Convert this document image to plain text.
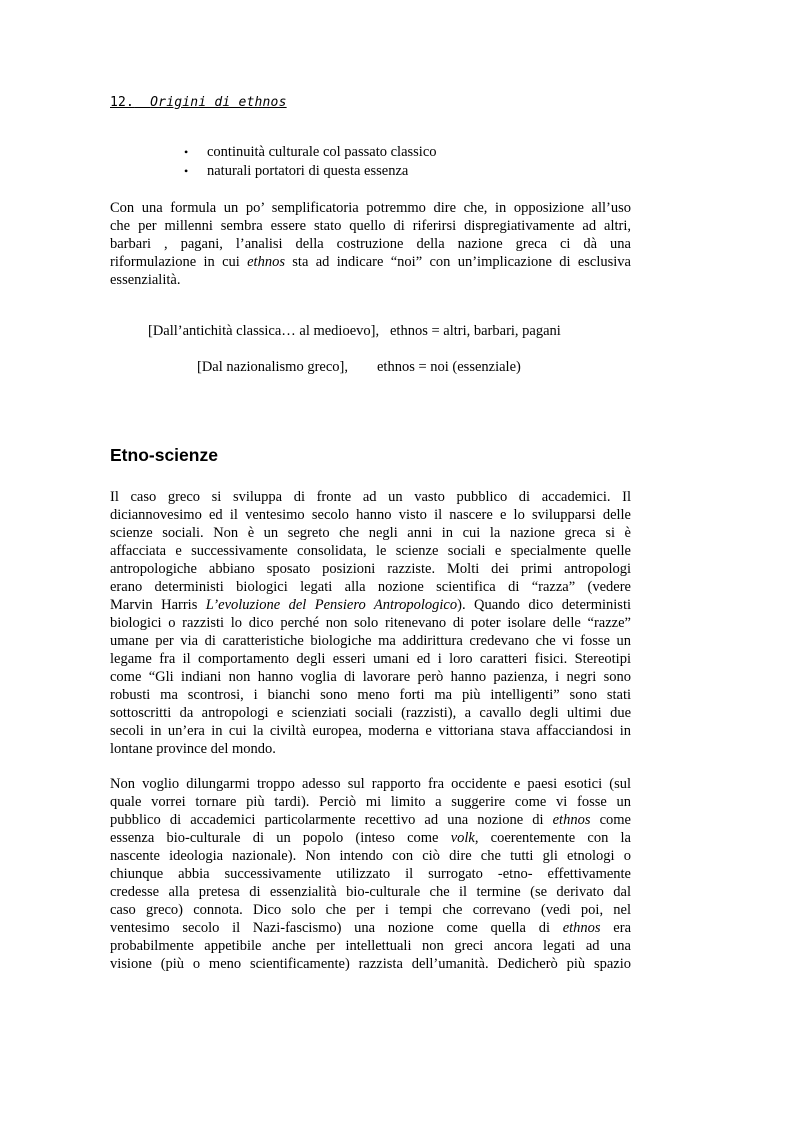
12. Origini di ethnos
• continuità culturale col passato classico
• naturali portatori di questa essenza
Con una formula un po’ semplificatoria potremmo dire che, in opposizione all’uso
che per millenni sembra essere stato quello di riferirsi dispregiativamente ad altri,
barbari , pagani, l’analisi della costruzione della nazione greca ci dà una
riformulazione in cui ethnos sta ad indicare “noi” con un’implicazione di esclusiva
essenzialità.
[Dall’antichità classica… al medioevo], ethnos = altri, barbari, pagani
[Dal nazionalismo greco], ethnos = noi (essenziale)
Etno-scienze
Il caso greco si sviluppa di fronte ad un vasto pubblico di accademici. Il
diciannovesimo ed il ventesimo secolo hanno visto il nascere e lo svilupparsi delle
scienze sociali. Non è un segreto che negli anni in cui la nazione greca si è
affacciata e successivamente consolidata, le scienze sociali e specialmente quelle
antropologiche abbiano sposato posizioni razziste. Molti dei primi antropologi
erano deterministi biologici legati alla nozione scientifica di “razza” (vedere
Marvin Harris L’evoluzione del Pensiero Antropologico). Quando dico deterministi
biologici o razzisti lo dico perché non solo ritenevano di poter isolare delle “razze”
umane per via di caratteristiche biologiche ma addirittura credevano che vi fosse un
legame fra il comportamento degli esseri umani ed i loro caratteri fisici. Stereotipi
come “Gli indiani non hanno voglia di lavorare però hanno pazienza, i negri sono
robusti ma scontrosi, i bianchi sono meno forti ma più intelligenti” sono stati
sottoscritti da antropologi e scienziati sociali (razzisti), a cavallo degli ultimi due
secoli in un’era in cui la civiltà europea, moderna e vittoriana stava affacciandosi in
lontane province del mondo.
Non voglio dilungarmi troppo adesso sul rapporto fra occidente e paesi esotici (sul
quale vorrei tornare più tardi). Perciò mi limito a suggerire come vi fosse un
pubblico di accademici particolarmente recettivo ad una nozione di ethnos come
essenza bio-culturale di un popolo (inteso come volk, coerentemente con la
nascente ideologia nazionale). Non intendo con ciò dire che tutti gli etnologi o
chiunque abbia successivamente utilizzato il surrogato -etno- effettivamente
credesse alla pretesa di essenzialità bio-culturale che il termine (se derivato dal
caso greco) connota. Dico solo che per i tempi che correvano (vedi poi, nel
ventesimo secolo il Nazi-fascismo) una nozione come quella di ethnos era
probabilmente appetibile anche per intellettuali non greci ancora legati ad una
visione (più o meno scientificamente) razzista dell’umanità. Dedicherò più spazio
